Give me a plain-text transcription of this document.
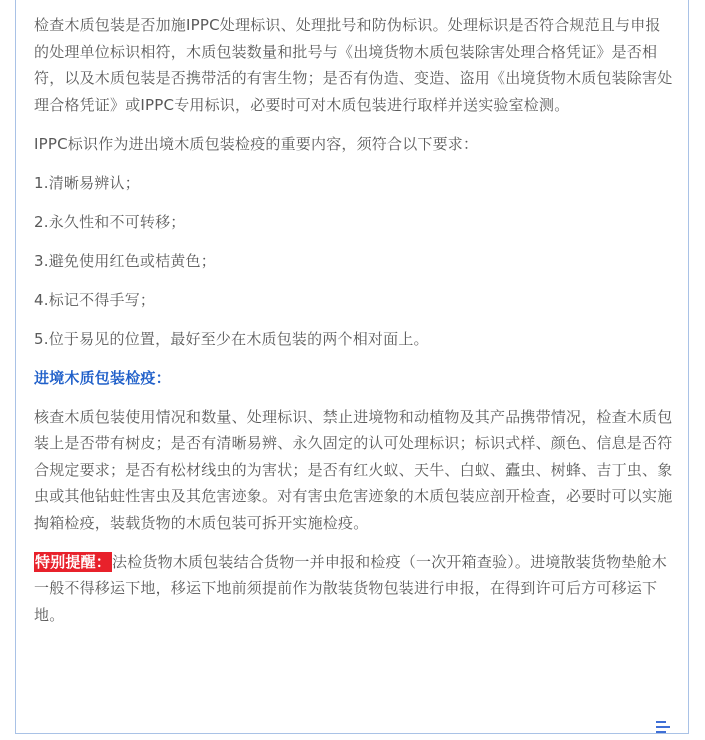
检查木质包装是否加施IPPC处理标识、处理批号和防伪标识。处理标识是否符合规范且与申报的处理单位标识相符，木质包装数量和批号与《出境货物木质包装除害处理合格凭证》是否相符，以及木质包装是否携带活的有害生物；是否有伪造、变造、盗用《出境货物木质包装除害处理合格凭证》或IPPC专用标识，必要时可对木质包装进行取样并送实验室检测。

IPPC标识作为进出境木质包装检疫的重要内容，须符合以下要求：

1.清晰易辨认；

2.永久性和不可转移；

3.避免使用红色或桔黄色；

4.标记不得手写；

5.位于易见的位置，最好至少在木质包装的两个相对面上。

进境木质包装检疫：

核查木质包装使用情况和数量、处理标识、禁止进境物和动植物及其产品携带情况，检查木质包装上是否带有树皮；是否有清晰易辨、永久固定的认可处理标识；标识式样、颜色、信息是否符合规定要求；是否有松材线虫的为害状；是否有红火蚁、天牛、白蚁、蠹虫、树蜂、吉丁虫、象虫或其他钻蛀性害虫及其危害迹象。对有害虫危害迹象的木质包装应剖开检查，必要时可以实施掏箱检疫，装载货物的木质包装可拆开实施检疫。

特别提醒：法检货物木质包装结合货物一并申报和检疫（一次开箱查验）。进境散装货物垫舱木一般不得移运下地，移运下地前须提前作为散装货物包装进行申报，在得到许可后方可移运下地。
